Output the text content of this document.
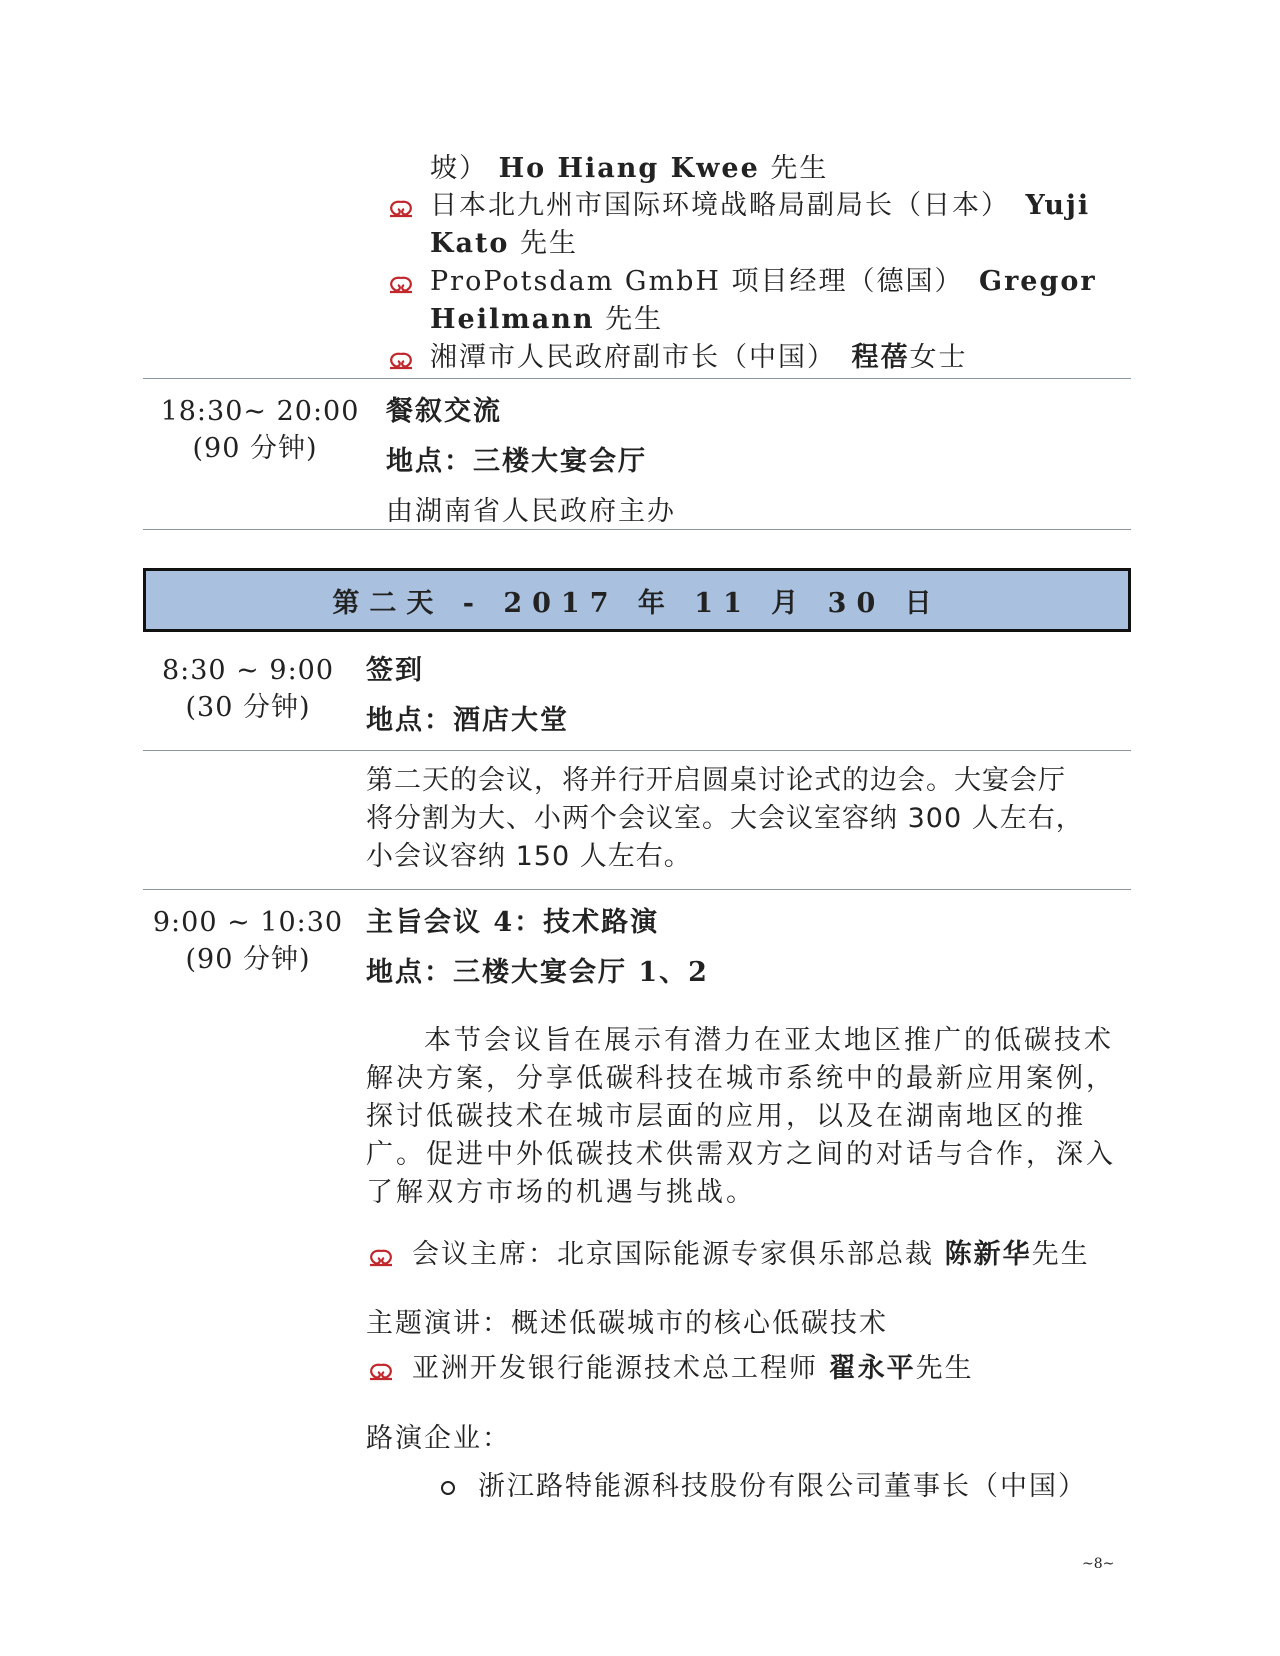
坡） Ho Hiang Kwee 先生
日本北九州市国际环境战略局副局长（日本）　 Yuji
Kato 先生
ProPotsdam GmbH 项目经理（德国）　 Gregor
Heilmann 先生
湘潭市人民政府副市长（中国）　 程蓓女士
18:30~ 20:00
(90 分钟)
餐叙交流
地点：三楼大宴会厅
由湖南省人民政府主办
第二天 - 2017 年 11 月 30 日
8:30 ~ 9:00
(30 分钟)
签到
地点：酒店大堂
第二天的会议，将并行开启圆桌讨论式的边会。大宴会厅
将分割为大、小两个会议室。大会议室容纳 300 人左右，
小会议容纳 150 人左右。
9:00 ~ 10:30
(90 分钟)
主旨会议 4：技术路演
地点：三楼大宴会厅 1、2
本节会议旨在展示有潜力在亚太地区推广的低碳技术
解决方案，分享低碳科技在城市系统中的最新应用案例，
探讨低碳技术在城市层面的应用，以及在湖南地区的推
广。促进中外低碳技术供需双方之间的对话与合作，深入
了解双方市场的机遇与挑战。
会议主席：北京国际能源专家俱乐部总裁 陈新华先生
主题演讲：概述低碳城市的核心低碳技术
亚洲开发银行能源技术总工程师 翟永平先生
路演企业：
浙江路特能源科技股份有限公司董事长（中国）
~8~
